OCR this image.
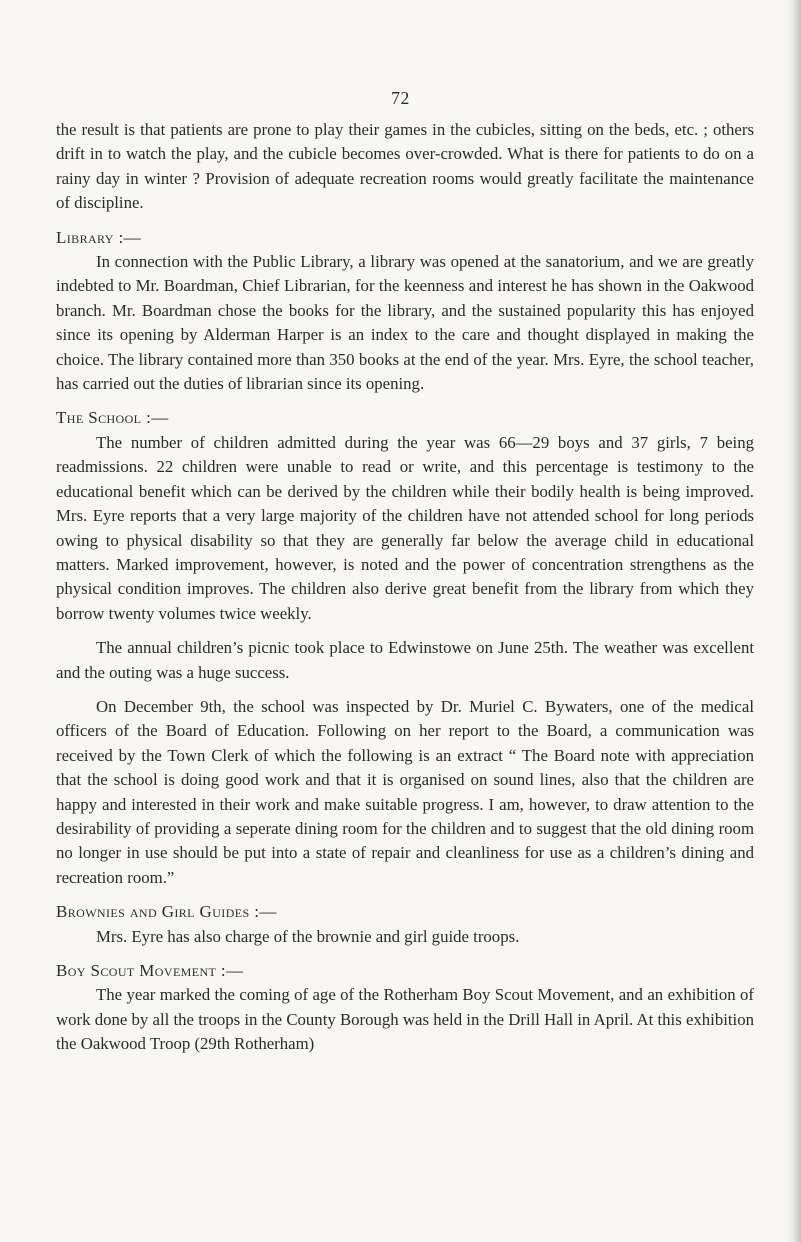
72

the result is that patients are prone to play their games in the cubicles, sitting on the beds, etc. ; others drift in to watch the play, and the cubicle becomes over-crowded. What is there for patients to do on a rainy day in winter ? Provision of adequate recreation rooms would greatly facilitate the maintenance of discipline.

Library :—

In connection with the Public Library, a library was opened at the sanatorium, and we are greatly indebted to Mr. Boardman, Chief Librarian, for the keenness and interest he has shown in the Oakwood branch. Mr. Boardman chose the books for the library, and the sustained popularity this has enjoyed since its opening by Alderman Harper is an index to the care and thought displayed in making the choice. The library contained more than 350 books at the end of the year. Mrs. Eyre, the school teacher, has carried out the duties of librarian since its opening.

The School :—

The number of children admitted during the year was 66—29 boys and 37 girls, 7 being readmissions. 22 children were unable to read or write, and this percentage is testimony to the educational benefit which can be derived by the children while their bodily health is being improved. Mrs. Eyre reports that a very large majority of the children have not attended school for long periods owing to physical disability so that they are generally far below the average child in educational matters. Marked improvement, however, is noted and the power of concentration strengthens as the physical condition improves. The children also derive great benefit from the library from which they borrow twenty volumes twice weekly.

The annual children’s picnic took place to Edwinstowe on June 25th. The weather was excellent and the outing was a huge success.

On December 9th, the school was inspected by Dr. Muriel C. Bywaters, one of the medical officers of the Board of Education. Following on her report to the Board, a communication was received by the Town Clerk of which the following is an extract “ The Board note with appreciation that the school is doing good work and that it is organised on sound lines, also that the children are happy and interested in their work and make suitable progress. I am, however, to draw attention to the desirability of providing a seperate dining room for the children and to suggest that the old dining room no longer in use should be put into a state of repair and cleanliness for use as a children’s dining and recreation room.”

Brownies and Girl Guides :—

Mrs. Eyre has also charge of the brownie and girl guide troops.

Boy Scout Movement :—

The year marked the coming of age of the Rotherham Boy Scout Movement, and an exhibition of work done by all the troops in the County Borough was held in the Drill Hall in April. At this exhibition the Oakwood Troop (29th Rotherham)
